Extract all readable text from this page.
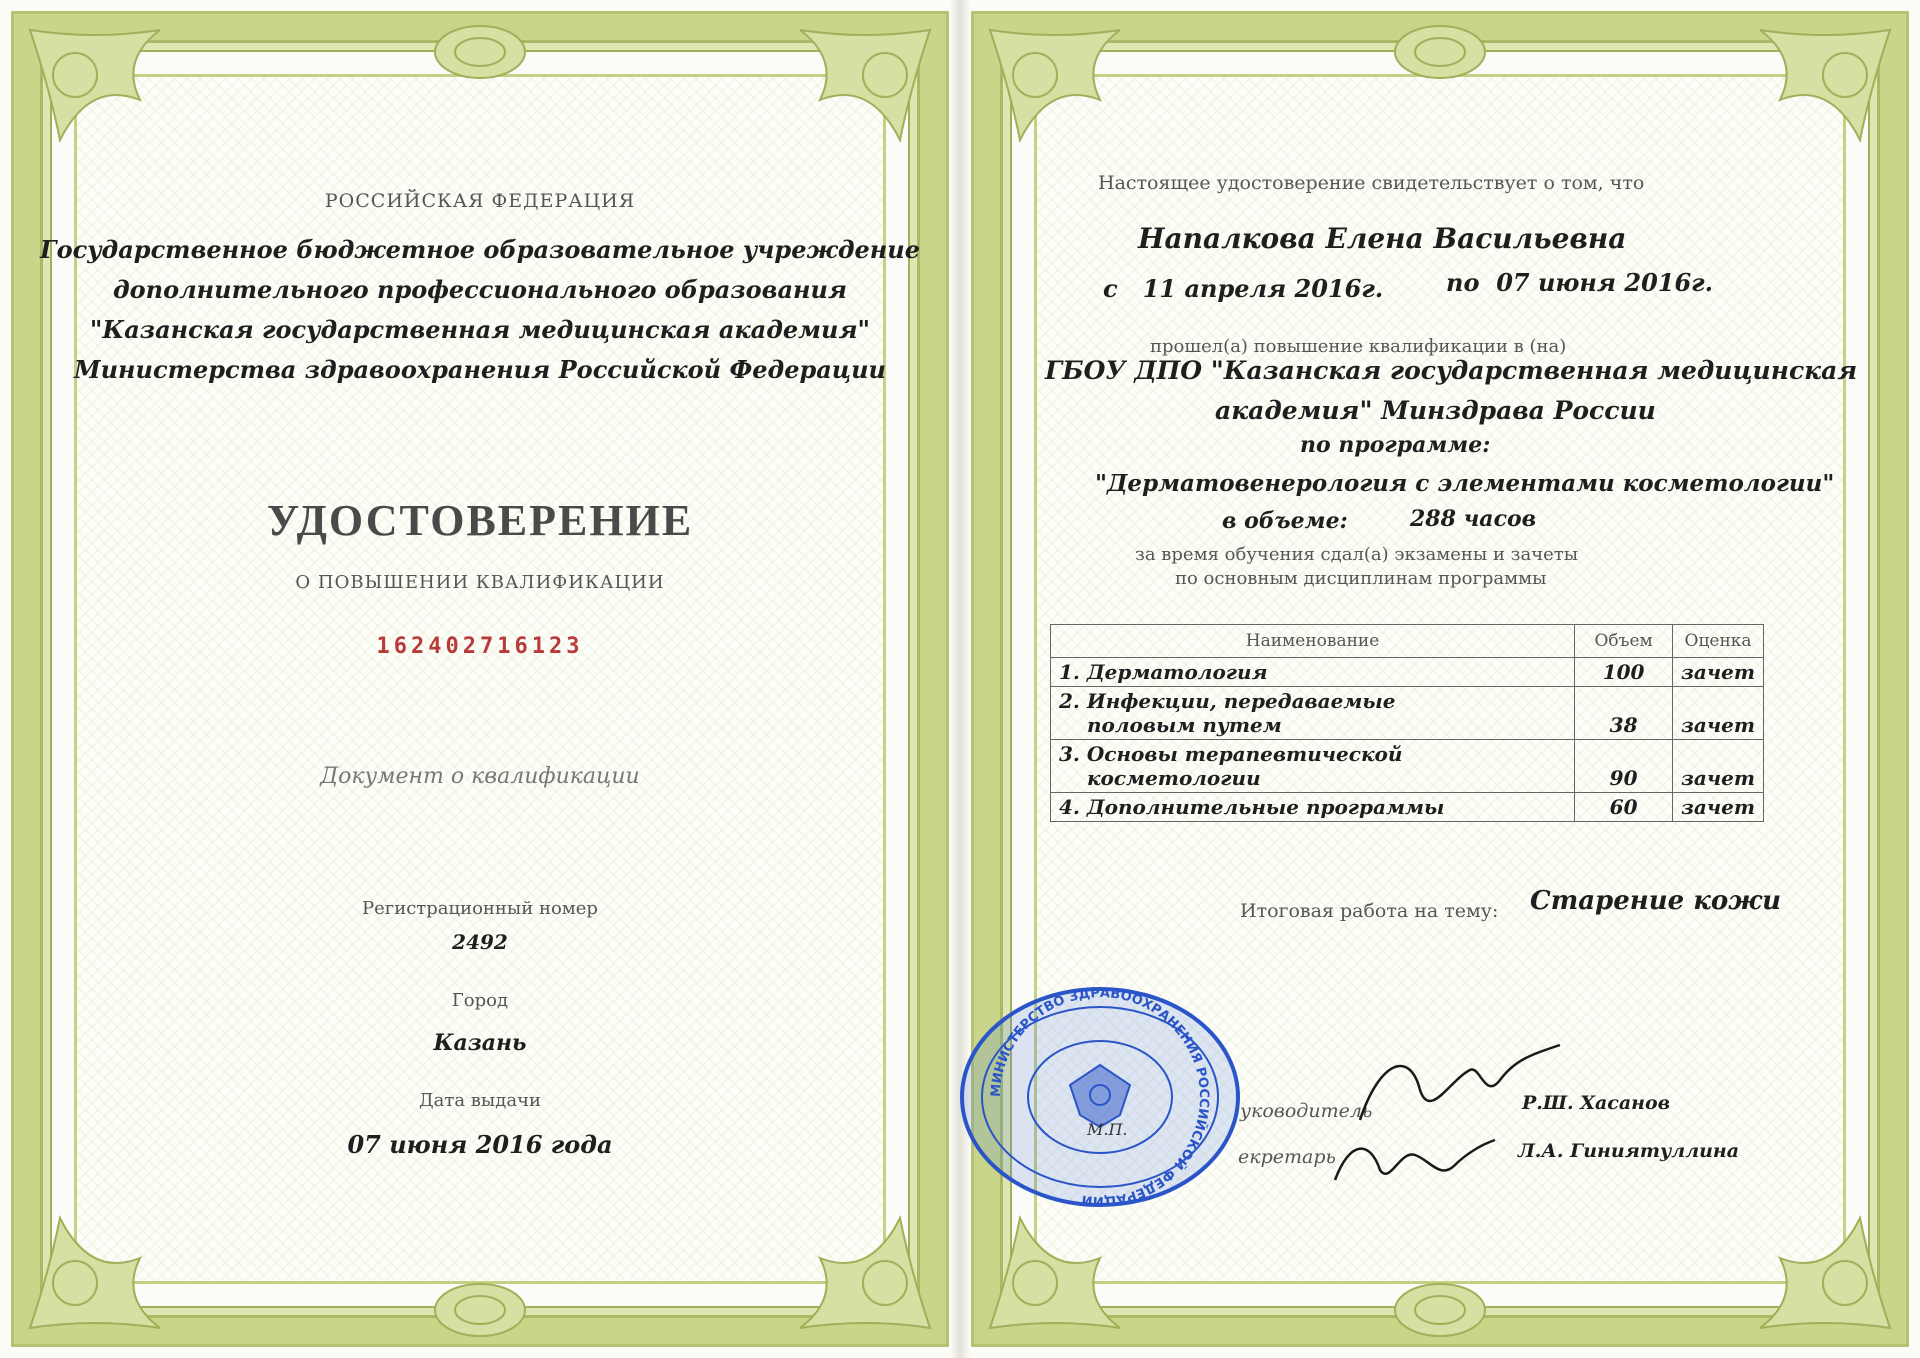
РОССИЙСКАЯ ФЕДЕРАЦИЯ
Государственное бюджетное образовательное учреждение
дополнительного профессионального образования
"Казанская государственная медицинская академия"
Министерства здравоохранения Российской Федерации
УДОСТОВЕРЕНИЕ
О ПОВЫШЕНИИ КВАЛИФИКАЦИИ
162402716123
Документ о квалификации
Регистрационный номер
2492
Город
Казань
Дата выдачи
07 июня 2016 года
Настоящее удостоверение свидетельствует о том, что
Напалкова Елена Васильевна
с 11 апреля 2016г.	по 07 июня 2016г.
прошел(а) повышение квалификации в (на)
ГБОУ ДПО "Казанская государственная медицинская
академия" Минздрава России
по программе:
"Дерматовенерология с элементами косметологии"
в объеме:	288 часов
за время обучения сдал(а) экзамены и зачеты
по основным дисциплинам программы
Наименование	Объем	Оценка

1. Дерматология	100	зачет

2. Инфекции, передаваемые
половым путем	38	зачет

3. Основы терапевтической
косметологии	90	зачет

4. Дополнительные программы	60	зачет
Итоговая работа на тему: Старение кожи
МИНИСТЕРСТВО ЗДРАВООХРАНЕНИЯ РОССИЙСКОЙ ФЕДЕРАЦИИ
М.П.
уководитель	Р.Ш. Хасанов
екретарь	Л.А. Гиниятуллина
